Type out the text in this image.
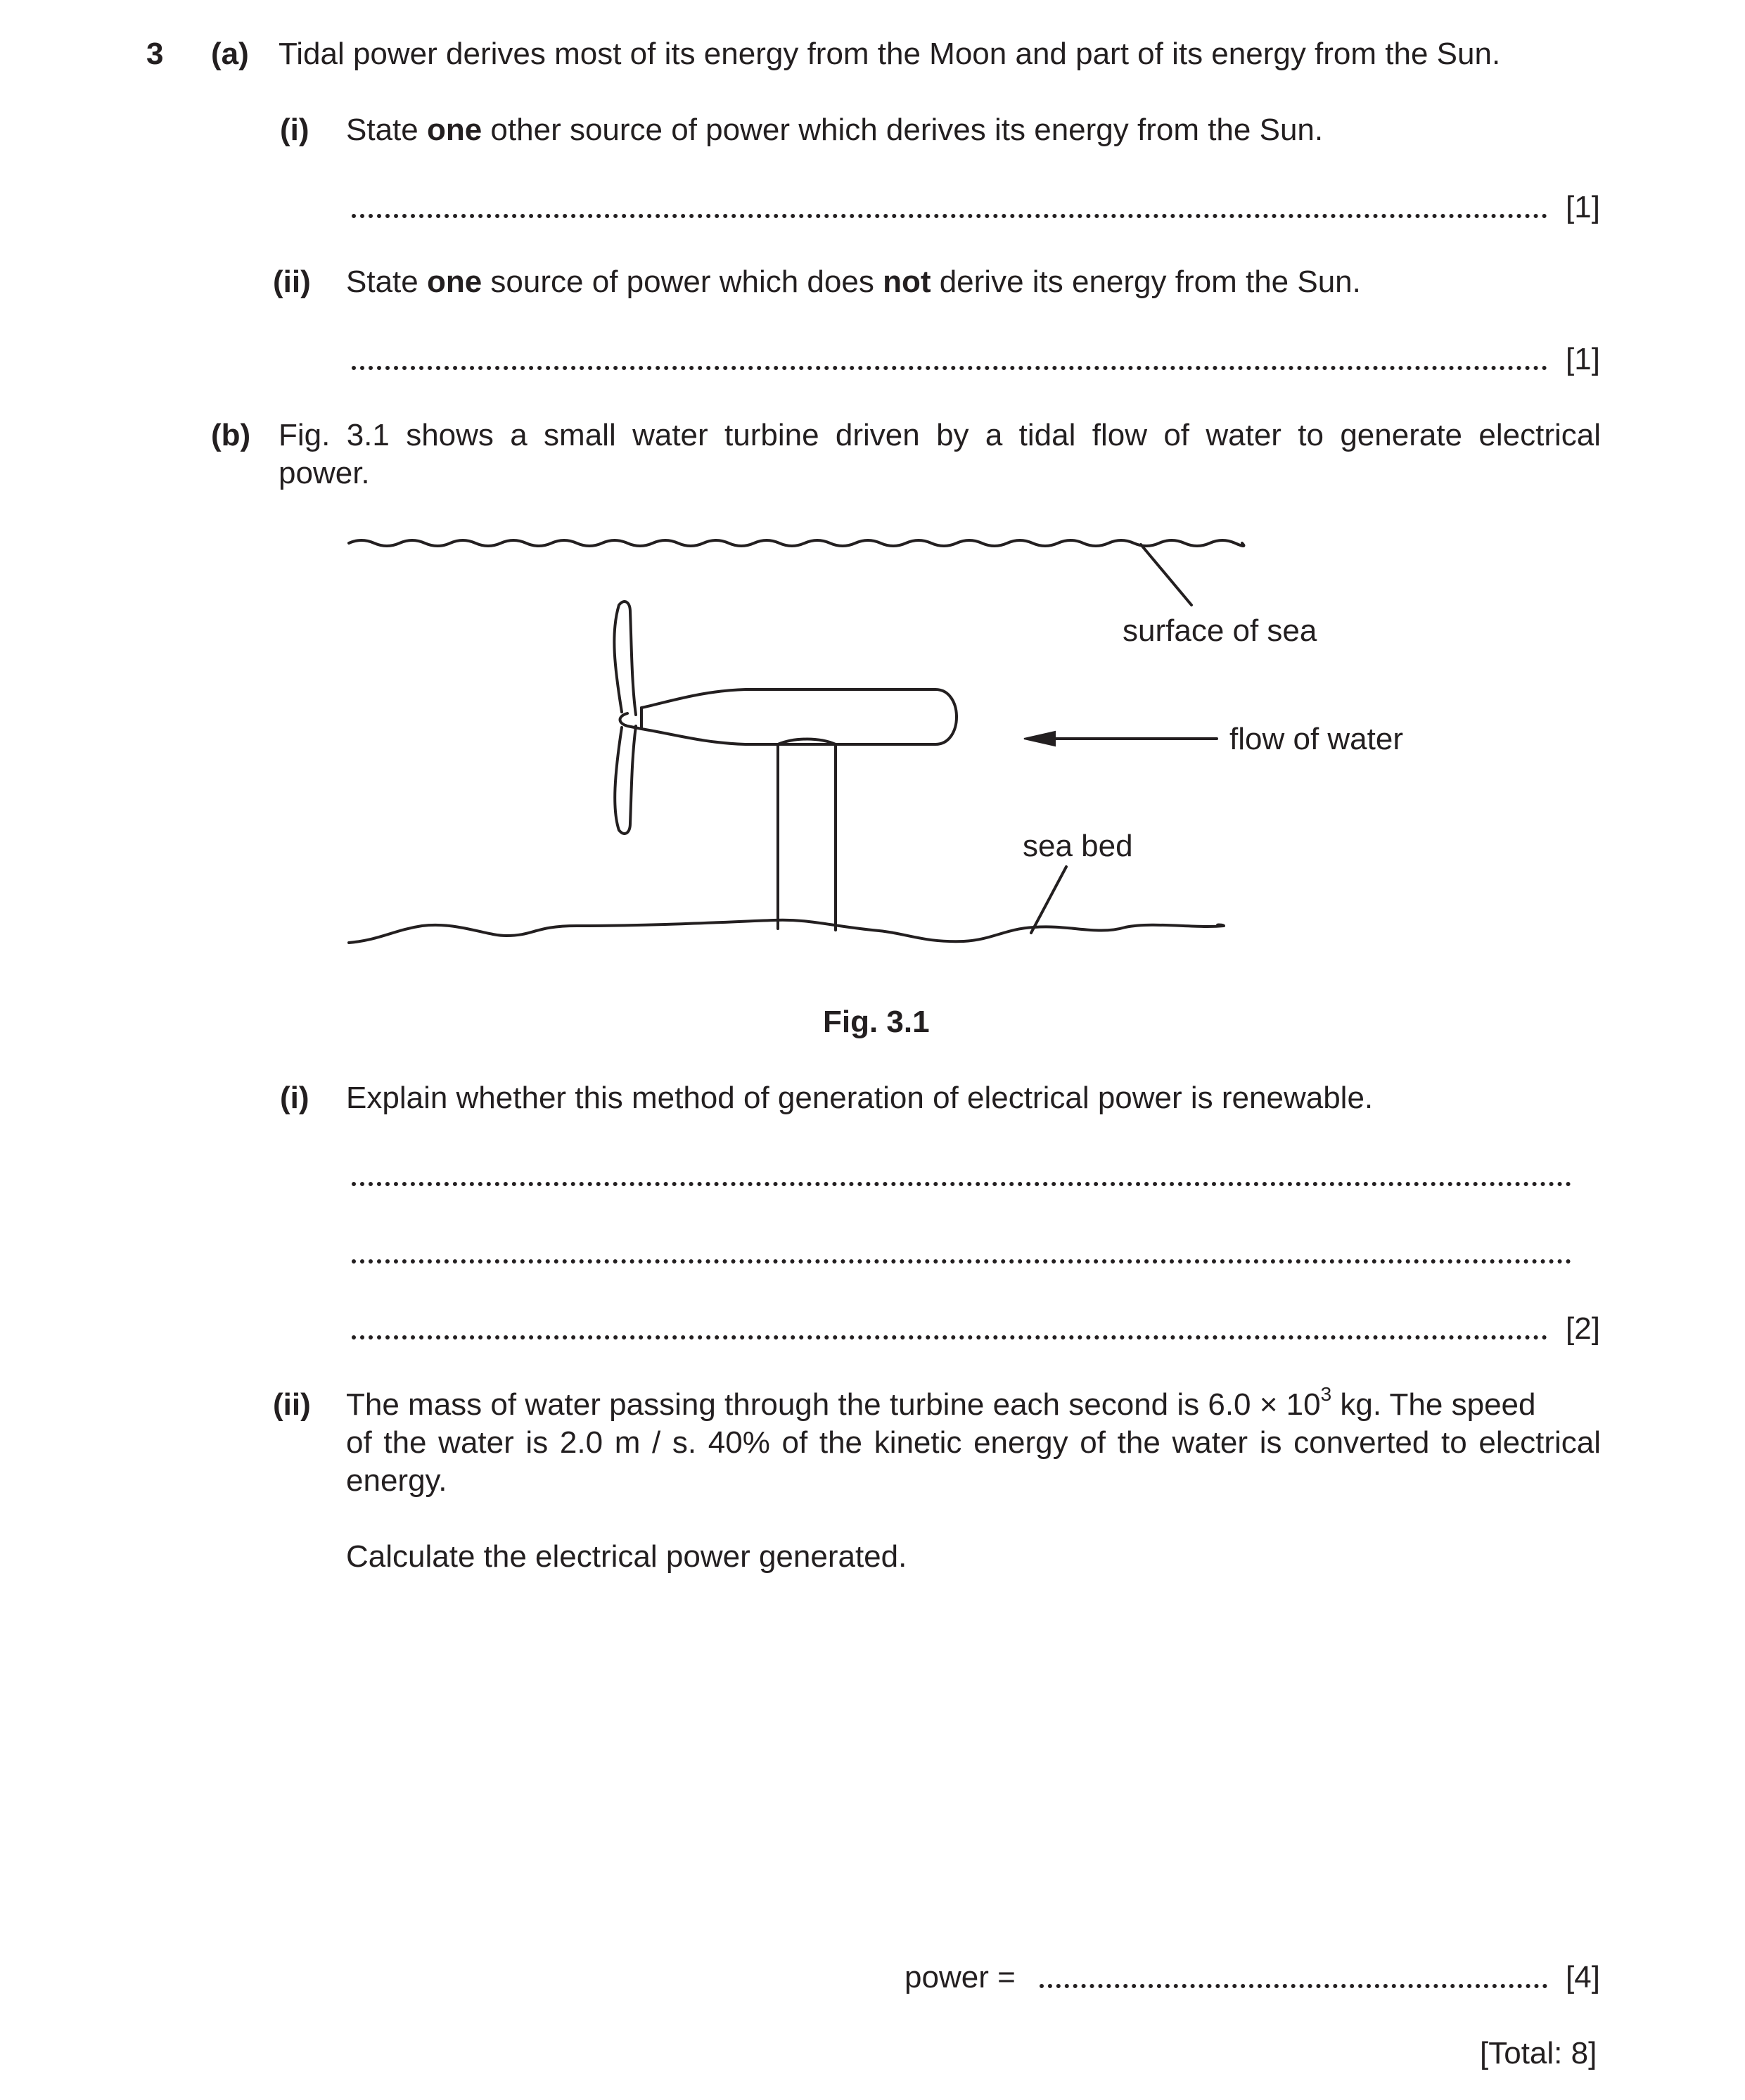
3 (a) Tidal power derives most of its energy from the Moon and part of its energy from the Sun.
(i) State one other source of power which derives its energy from the Sun.
[1]
(ii) State one source of power which does not derive its energy from the Sun.
[1]
(b) Fig. 3.1 shows a small water turbine driven by a tidal flow of water to generate electrical
power.
surface of sea
flow of water
sea bed
Fig. 3.1
(i) Explain whether this method of generation of electrical power is renewable.
[2]
(ii) The mass of water passing through the turbine each second is $6.0 \times 10^3$ kg. The speed
of the water is 2.0 m / s. 40% of the kinetic energy of the water is converted to electrical
energy.
Calculate the electrical power generated.
power =	[4]
[Total: 8]
